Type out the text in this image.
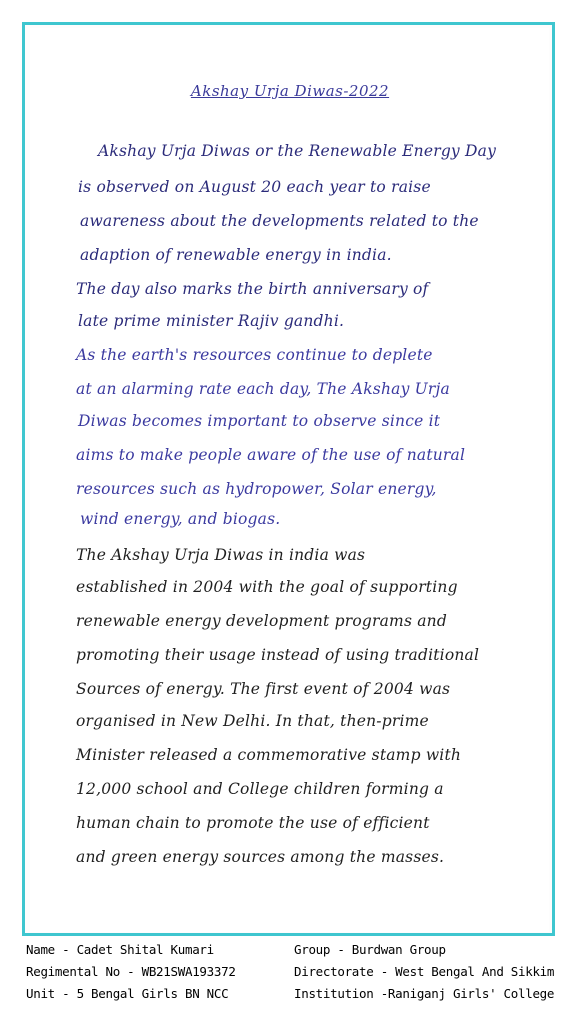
Akshay Urja Diwas-2022
Akshay Urja Diwas or the Renewable Energy Day
is observed on August 20 each year to raise
awareness about the developments related to the
adaption of renewable energy in india.
The day also marks the birth anniversary of
late prime minister Rajiv gandhi.
As the earth's resources continue to deplete
at an alarming rate each day, The Akshay Urja
Diwas becomes important to observe since it
aims to make people aware of the use of natural
resources such as hydropower, Solar energy,
wind energy, and biogas.
The Akshay Urja Diwas in india was
established in 2004 with the goal of supporting
renewable energy development programs and
promoting their usage instead of using traditional
Sources of energy. The first event of 2004 was
organised in New Delhi. In that, then-prime
Minister released a commemorative stamp with
12,000 school and College children forming a
human chain to promote the use of efficient
and green energy sources among the masses.
Name - Cadet Shital Kumari
Regimental No - WB21SWA193372
Unit - 5 Bengal Girls BN NCC
Group - Burdwan Group
Directorate - West Bengal And Sikkim
Institution -Raniganj Girls' College
